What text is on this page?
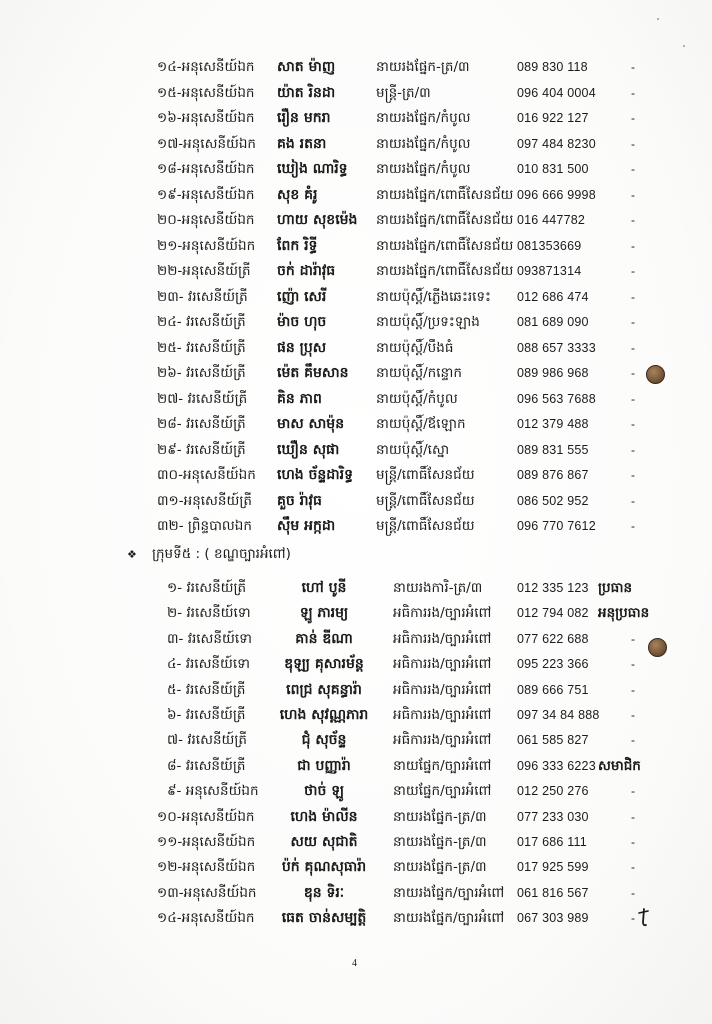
១៤-អនុសេនីយ៍ឯក សាត ម៉ាញ	នាយរងផ្នែក-ត្រ/៣	089 830 118	-
១៥-អនុសេនីយ៍ឯក យ៉ាត រិនដា	មន្ត្រី-ត្រ/៣	096 404 0004	-
១៦-អនុសេនីយ៍ឯក រឿន មករា	នាយរងផ្នែក/កំបូល	016 922 127	-
១៧-អនុសេនីយ៍ឯក គង រតនា	នាយរងផ្នែក/កំបូល	097 484 8230	-
១៨-អនុសេនីយ៍ឯក ឃៀង ណារិទ្ធ នាយរងផ្នែក/កំបូល	010 831 500	-
១៩-អនុសេនីយ៍ឯក សុខ គំរូ	នាយរងផ្នែក/ពោធិ៍សែនជ័យ 096 666 9998	-
២០-អនុសេនីយ៍ឯក ហាយ សុខម៉េង នាយរងផ្នែក/ពោធិ៍សែនជ័យ 016 447782	-
២១-អនុសេនីយ៍ឯក ពែក រិទ្ធី	នាយរងផ្នែក/ពោធិ៍សែនជ័យ 081353669	-
២២-អនុសេនីយ៍ត្រី ចក់ ដារ៉ាវុធ	នាយរងផ្នែក/ពោធិ៍សែនជ័យ 093871314	-
២៣- វរសេនីយ៍ត្រី ញ៉ោ សេរី	នាយប៉ុស្តិ៍/ភ្លើងឆេះរទេះ 012 686 474	-
២៤- វរសេនីយ៍ត្រី ម៉ាច ហុច	នាយប៉ុស្តិ៍/ប្រទះឡាង	081 689 090	-
២៥- វរសេនីយ៍ត្រី ផន ប្រុស	នាយប៉ុស្តិ៍/បឹងធំ	088 657 3333	-
២៦- វរសេនីយ៍ត្រី ម៉េត គឹមសាន នាយប៉ុស្តិ៍/កន្ទោក	089 986 968	-
២៧- វរសេនីយ៍ត្រី គិន ភាព	នាយប៉ុស្តិ៍/កំបូល	096 563 7688	-
២៨- វរសេនីយ៍ត្រី មាស សាម៉ុន នាយប៉ុស្តិ៍/ឪឡោក	012 379 488	-
២៩- វរសេនីយ៍ត្រី ឃឿន សុផា	នាយប៉ុស្តិ៍/ស្នោ	089 831 555	-
៣០-អនុសេនីយ៍ឯក ហេង ច័ន្ទដារិទ្ធ មន្ត្រី/ពោធិ៍សែនជ័យ	089 876 867	-
៣១-អនុសេនីយ៍ត្រី គួច រ៉ាវុធ	មន្ត្រី/ពោធិ៍សែនជ័យ	086 502 952	-
៣២- ព្រិន្ទបាលឯក ស៊ឹម អក្កដា	មន្ត្រី/ពោធិ៍សែនជ័យ	096 770 7612	-
❖ ក្រុមទី៥ : ( ខណ្ឌច្បារអំពៅ)
១- វរសេនីយ៍ត្រី	ហៅ បូនី	នាយរងការិ-ត្រ/៣	012 335 123 ប្រធាន
២- វរសេនីយ៍ទោ	ឡូ ភារម្យ	អធិការរង/ច្បារអំពៅ 012 794 082 អនុប្រធាន
៣- វរសេនីយ៍ទោ	គាន់ ឌីណា	អធិការរង/ច្បារអំពៅ 077 622 688	-
៤- វរសេនីយ៍ទោ	ឌុឡ្យ គុសារម័ន្ត	អធិការរង/ច្បារអំពៅ 095 223 366	-
៥- វរសេនីយ៍ត្រី	ពេជ្រ សុគន្ធារ៉ា	អធិការរង/ច្បារអំពៅ 089 666 751	-
៦- វរសេនីយ៍ត្រី	ហេង សុវណ្ណភារា	អធិការរង/ច្បារអំពៅ 097 34 84 888	-
៧- វរសេនីយ៍ត្រី	ជុំ សុច័ន្ទ	អធិការរង/ច្បារអំពៅ 061 585 827	-
៨- វរសេនីយ៍ត្រី	ជា បញ្ញារ៉ា	នាយផ្នែក/ច្បារអំពៅ 096 333 6223 សមាជិក
៩- អនុសេនីយ៍ឯក	ថាច់ ឡូ	នាយផ្នែក/ច្បារអំពៅ 012 250 276	-
១០-អនុសេនីយ៍ឯក	ហេង ម៉ាលីន	នាយរងផ្នែក-ត្រ/៣ 077 233 030	-
១១-អនុសេនីយ៍ឯក	សយ សុជាតិ	នាយរងផ្នែក-ត្រ/៣ 017 686 111	-
១២-អនុសេនីយ៍ឯក	ប៉ក់ គុណសុធារ៉ា	នាយរងផ្នែក-ត្រ/៣ 017 925 599	-
១៣-អនុសេនីយ៍ឯក	ឌុន ទិរៈ	នាយរងផ្នែក/ច្បារអំពៅ 061 816 567	-
១៤-អនុសេនីយ៍ឯក	ធេត ចាន់សម្បត្តិ	នាយរងផ្នែក/ច្បារអំពៅ 067 303 989	-
4
